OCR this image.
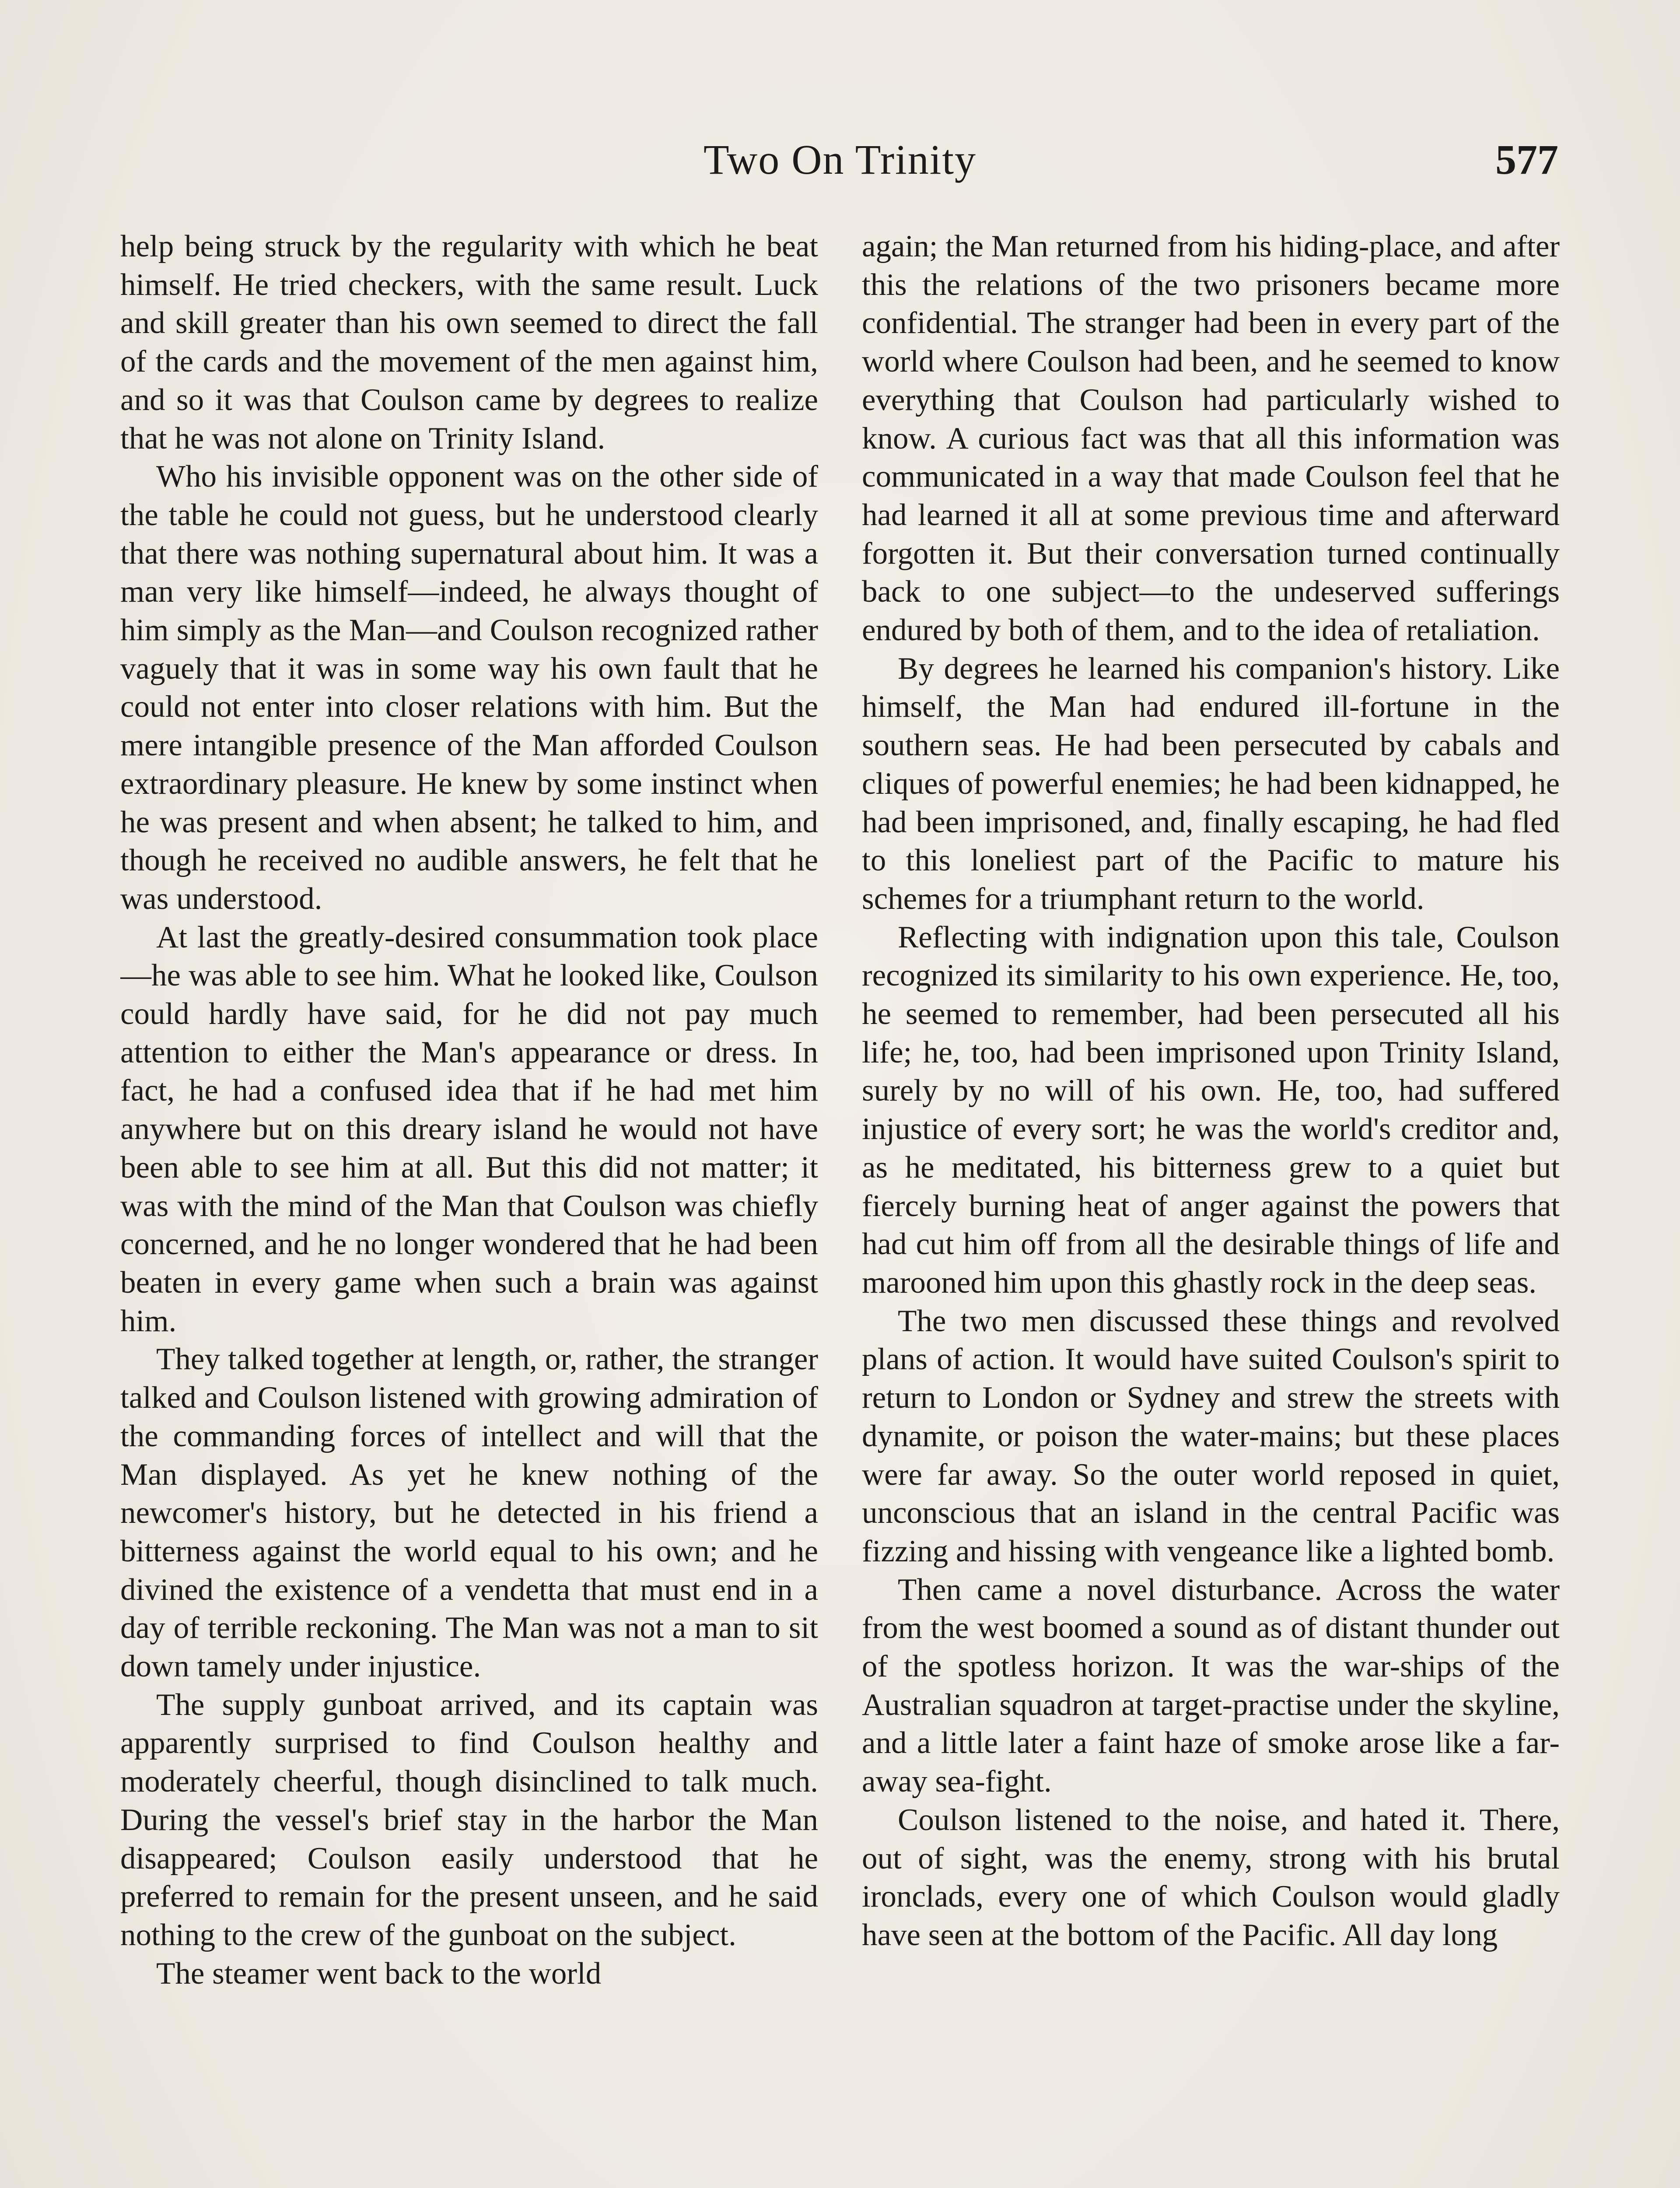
Two On Trinity	577

help being struck by the regularity with which he beat himself. He tried checkers, with the same result. Luck and skill greater than his own seemed to direct the fall of the cards and the movement of the men against him, and so it was that Coulson came by degrees to realize that he was not alone on Trinity Island.

Who his invisible opponent was on the other side of the table he could not guess, but he understood clearly that there was nothing supernatural about him. It was a man very like himself—indeed, he always thought of him simply as the Man—and Coulson recognized rather vaguely that it was in some way his own fault that he could not enter into closer relations with him. But the mere intangible presence of the Man afforded Coulson extraordinary pleasure. He knew by some instinct when he was present and when absent; he talked to him, and though he received no audible answers, he felt that he was understood.

At last the greatly-desired consummation took place—he was able to see him. What he looked like, Coulson could hardly have said, for he did not pay much attention to either the Man's appearance or dress. In fact, he had a confused idea that if he had met him anywhere but on this dreary island he would not have been able to see him at all. But this did not matter; it was with the mind of the Man that Coulson was chiefly concerned, and he no longer wondered that he had been beaten in every game when such a brain was against him.

They talked together at length, or, rather, the stranger talked and Coulson listened with growing admiration of the commanding forces of intellect and will that the Man displayed. As yet he knew nothing of the newcomer's history, but he detected in his friend a bitterness against the world equal to his own; and he divined the existence of a vendetta that must end in a day of terrible reckoning. The Man was not a man to sit down tamely under injustice.

The supply gunboat arrived, and its captain was apparently surprised to find Coulson healthy and moderately cheerful, though disinclined to talk much. During the vessel's brief stay in the harbor the Man disappeared; Coulson easily understood that he preferred to remain for the present unseen, and he said nothing to the crew of the gunboat on the subject.

The steamer went back to the world

again; the Man returned from his hiding-place, and after this the relations of the two prisoners became more confidential. The stranger had been in every part of the world where Coulson had been, and he seemed to know everything that Coulson had particularly wished to know. A curious fact was that all this information was communicated in a way that made Coulson feel that he had learned it all at some previous time and afterward forgotten it. But their conversation turned continually back to one subject—to the undeserved sufferings endured by both of them, and to the idea of retaliation.

By degrees he learned his companion's history. Like himself, the Man had endured ill-fortune in the southern seas. He had been persecuted by cabals and cliques of powerful enemies; he had been kidnapped, he had been imprisoned, and, finally escaping, he had fled to this loneliest part of the Pacific to mature his schemes for a triumphant return to the world.

Reflecting with indignation upon this tale, Coulson recognized its similarity to his own experience. He, too, he seemed to remember, had been persecuted all his life; he, too, had been imprisoned upon Trinity Island, surely by no will of his own. He, too, had suffered injustice of every sort; he was the world's creditor and, as he meditated, his bitterness grew to a quiet but fiercely burning heat of anger against the powers that had cut him off from all the desirable things of life and marooned him upon this ghastly rock in the deep seas.

The two men discussed these things and revolved plans of action. It would have suited Coulson's spirit to return to London or Sydney and strew the streets with dynamite, or poison the water-mains; but these places were far away. So the outer world reposed in quiet, unconscious that an island in the central Pacific was fizzing and hissing with vengeance like a lighted bomb.

Then came a novel disturbance. Across the water from the west boomed a sound as of distant thunder out of the spotless horizon. It was the war-ships of the Australian squadron at target-practise under the skyline, and a little later a faint haze of smoke arose like a far-away sea-fight.

Coulson listened to the noise, and hated it. There, out of sight, was the enemy, strong with his brutal ironclads, every one of which Coulson would gladly have seen at the bottom of the Pacific. All day long
